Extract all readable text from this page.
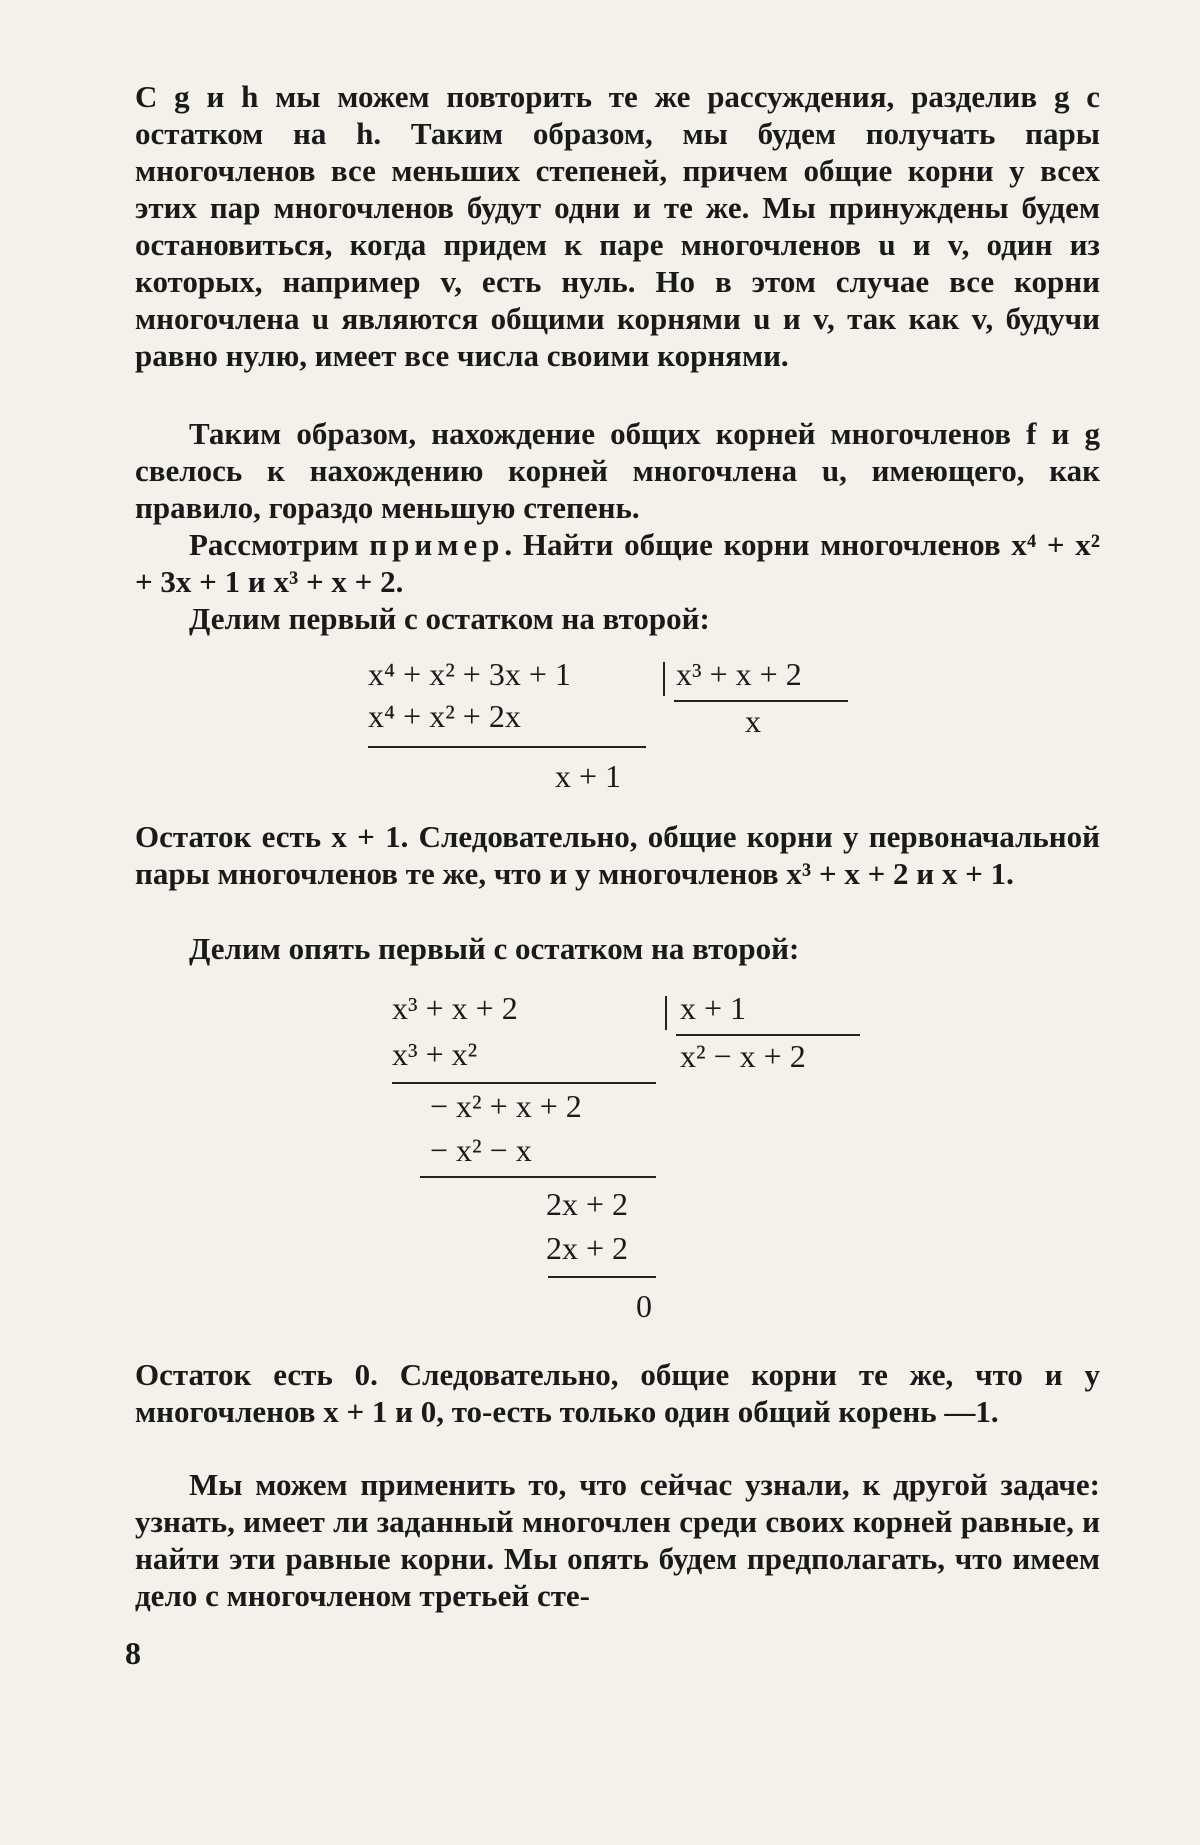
С g и h мы можем повторить те же рассуждения, разделив g с остатком на h. Таким образом, мы будем получать пары многочленов все меньших степеней, причем общие корни у всех этих пар многочленов будут одни и те же. Мы принуждены будем остановиться, когда придем к паре многочленов u и v, один из которых, например v, есть нуль. Но в этом случае все корни многочлена u являются общими корнями u и v, так как v, будучи равно нулю, имеет все числа своими корнями.

Таким образом, нахождение общих корней многочленов f и g свелось к нахождению корней многочлена u, имеющего, как правило, гораздо меньшую степень.

Рассмотрим пример. Найти общие корни многочленов x⁴ + x² + 3x + 1 и x³ + x + 2.

Делим первый с остатком на второй:

x⁴ + x² + 3x + 1	x³ + x + 2
x⁴ + x² + 2x	x
x + 1

Остаток есть x + 1. Следовательно, общие корни у первоначальной пары многочленов те же, что и у многочленов x³ + x + 2 и x + 1.

Делим опять первый с остатком на второй:

x³ + x + 2	x + 1
x³ + x²	x² − x + 2
− x² + x + 2
− x² − x
2x + 2
2x + 2
0

Остаток есть 0. Следовательно, общие корни те же, что и у многочленов x + 1 и 0, то-есть только один общий корень —1.

Мы можем применить то, что сейчас узнали, к другой задаче: узнать, имеет ли заданный многочлен среди своих корней равные, и найти эти равные корни. Мы опять будем предполагать, что имеем дело с многочленом третьей сте-

8
